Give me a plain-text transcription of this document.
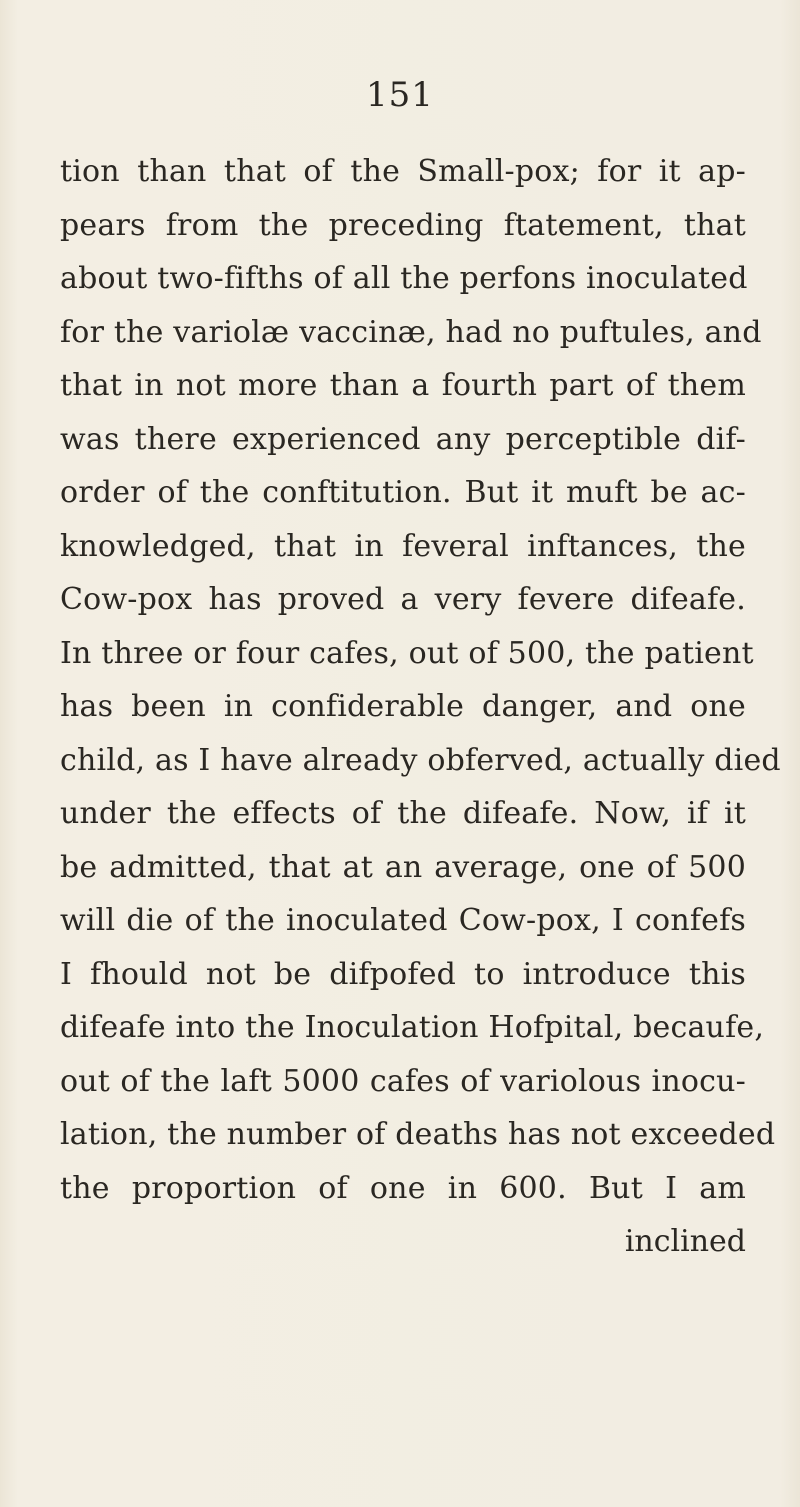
151
tion than that of the Small-pox; for it ap-
pears from the preceding ftatement, that
about two-fifths of all the perfons inoculated
for the variolæ vaccinæ, had no puftules, and
that in not more than a fourth part of them
was there experienced any perceptible dif-
order of the conftitution. But it muft be ac-
knowledged, that in feveral inftances, the
Cow-pox has proved a very fevere difeafe.
In three or four cafes, out of 500, the patient
has been in confiderable danger, and one
child, as I have already obferved, actually died
under the effects of the difeafe. Now, if it
be admitted, that at an average, one of 500
will die of the inoculated Cow-pox, I confefs
I fhould not be difpofed to introduce this
difeafe into the Inoculation Hofpital, becaufe,
out of the laft 5000 cafes of variolous inocu-
lation, the number of deaths has not exceeded
the proportion of one in 600. But I am
inclined
